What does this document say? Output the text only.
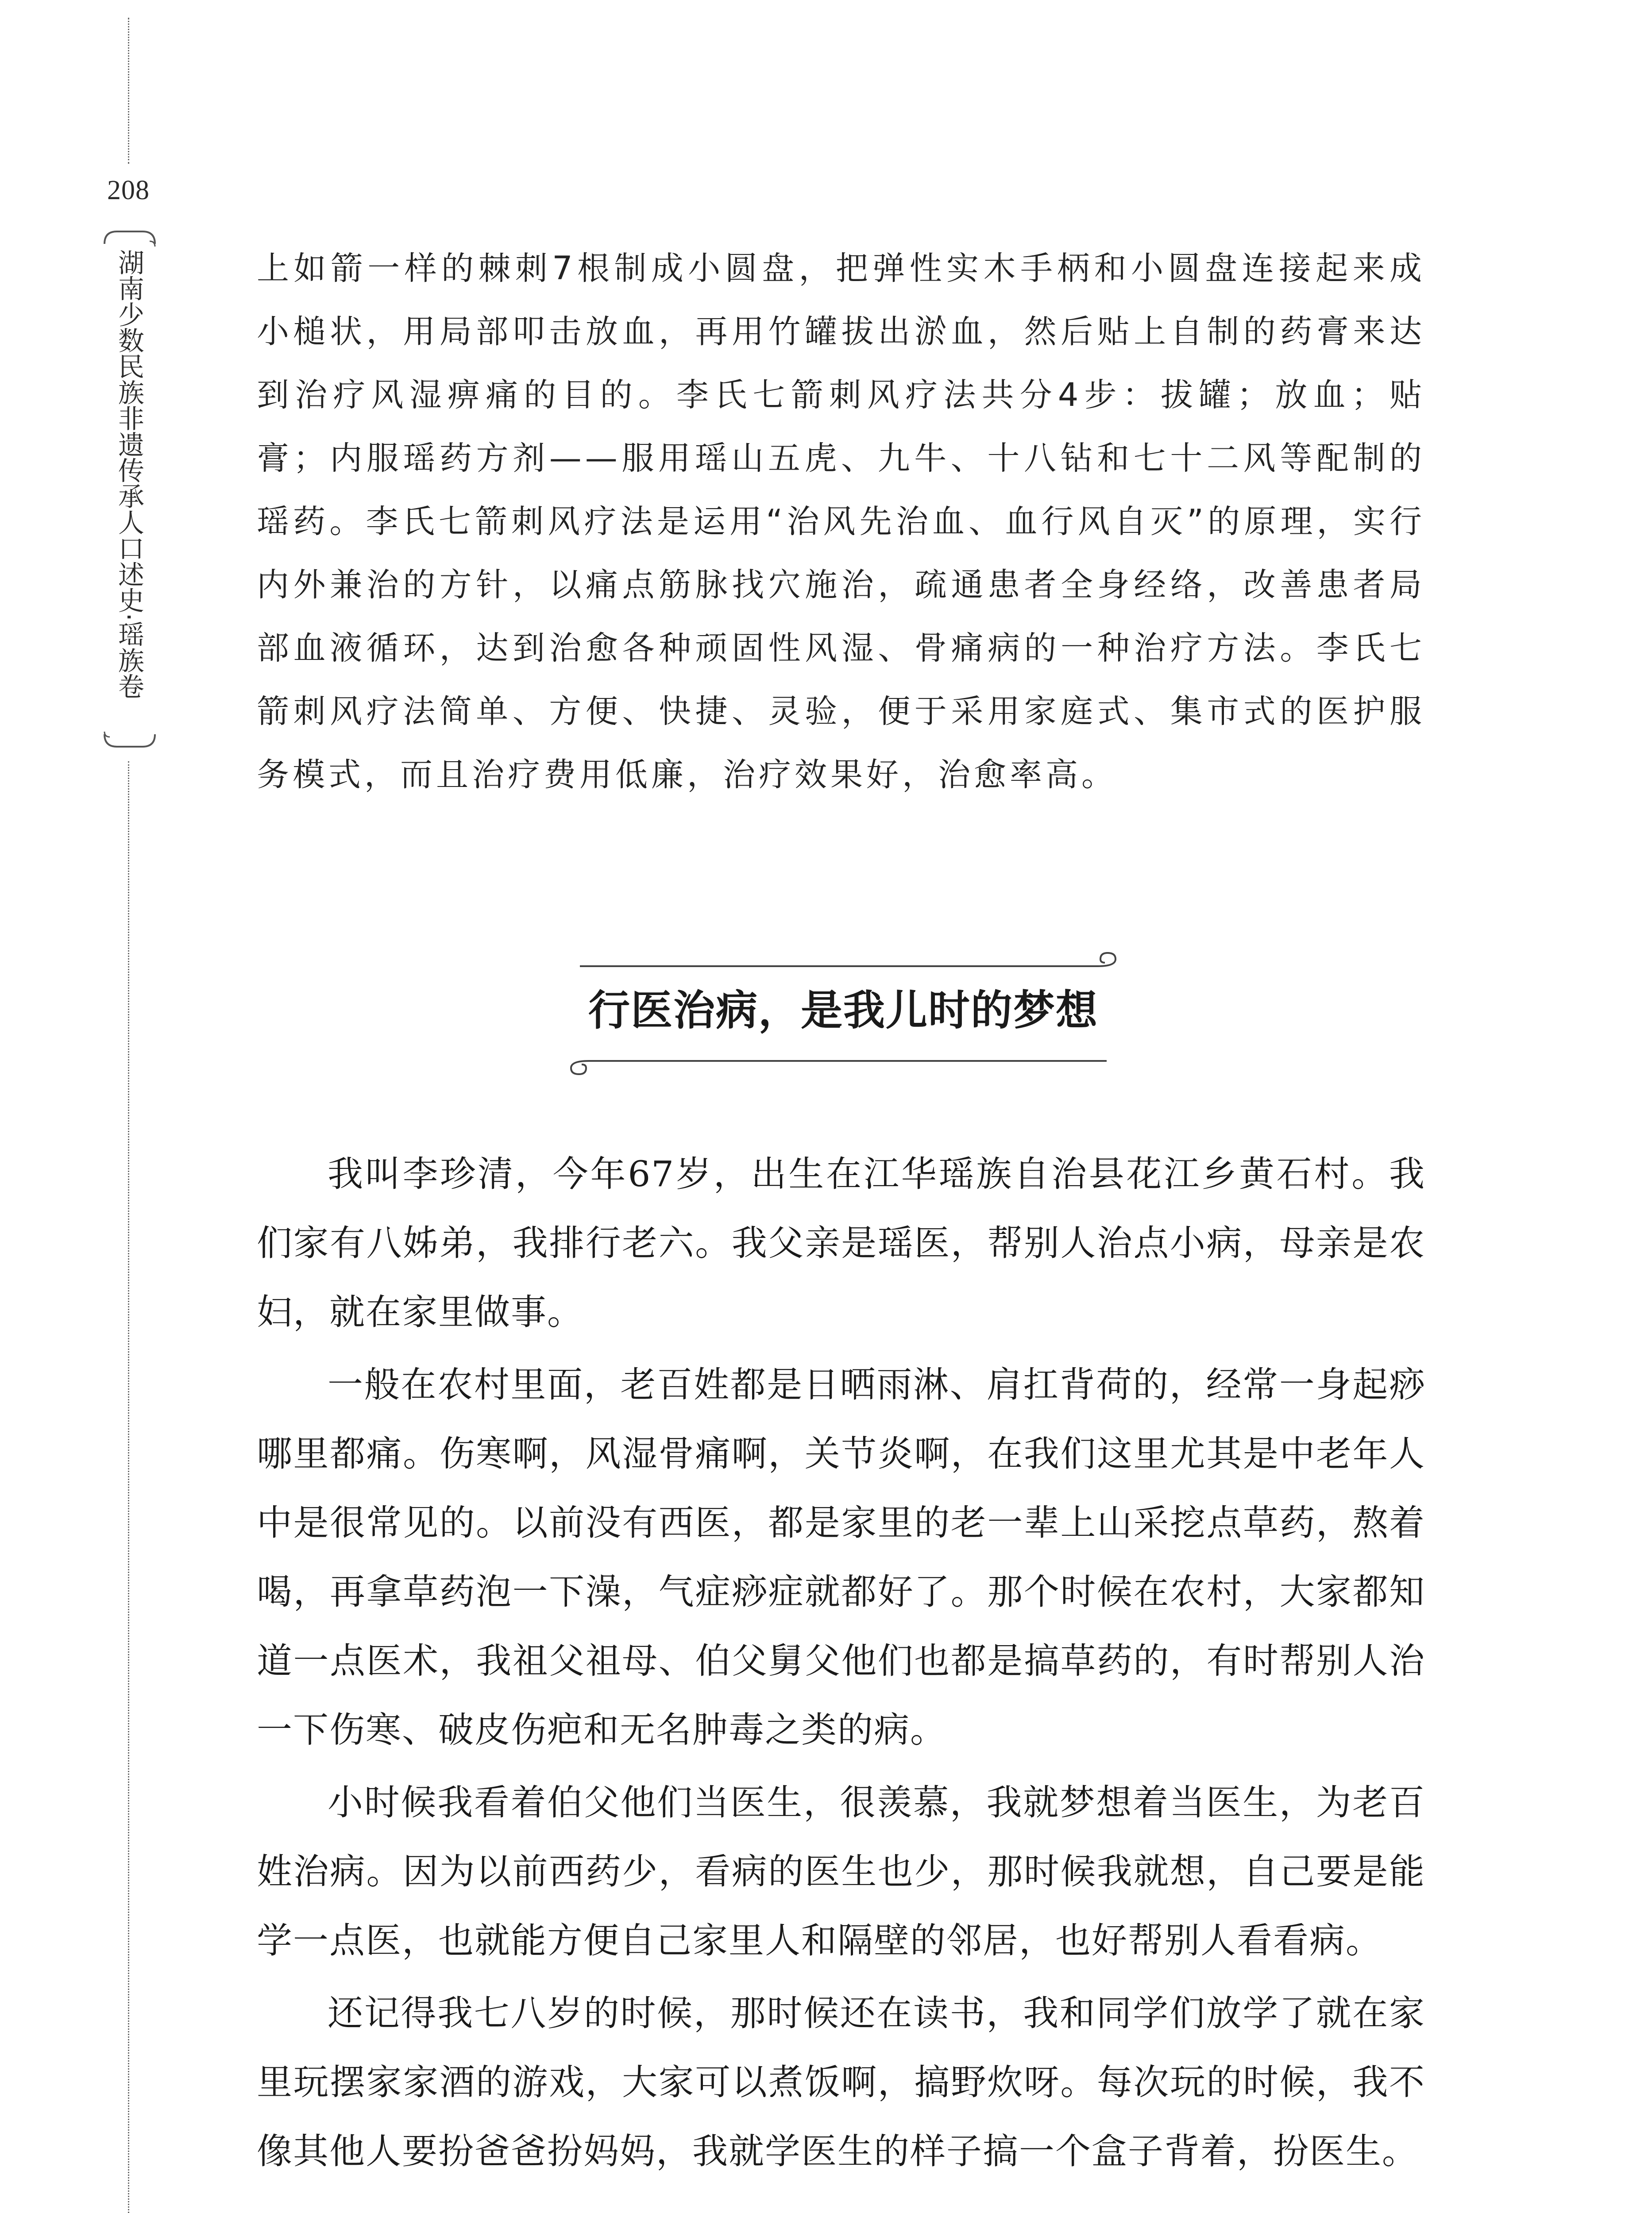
208
湖南少数民族非遗传承人口述史·瑶族卷	上如箭一样的棘刺7根制成小圆盘，把弹性实木手柄和小圆盘连接起来成小槌状，用局部叩击放血，再用竹罐拔出淤血，然后贴上自制的药膏来达到治疗风湿痹痛的目的。李氏七箭刺风疗法共分4步：拔罐；放血；贴膏；内服瑶药方剂——服用瑶山五虎、九牛、十八钻和七十二风等配制的瑶药。李氏七箭刺风疗法是运用“治风先治血、血行风自灭”的原理，实行内外兼治的方针，以痛点筋脉找穴施治，疏通患者全身经络，改善患者局部血液循环，达到治愈各种顽固性风湿、骨痛病的一种治疗方法。李氏七箭刺风疗法简单、方便、快捷、灵验，便于采用家庭式、集市式的医护服务模式，而且治疗费用低廉，治疗效果好，治愈率高。

行医治病，是我儿时的梦想

我叫李珍清，今年67岁，出生在江华瑶族自治县花江乡黄石村。我们家有八姊弟，我排行老六。我父亲是瑶医，帮别人治点小病，母亲是农妇，就在家里做事。

一般在农村里面，老百姓都是日晒雨淋、肩扛背荷的，经常一身起痧哪里都痛。伤寒啊，风湿骨痛啊，关节炎啊，在我们这里尤其是中老年人中是很常见的。以前没有西医，都是家里的老一辈上山采挖点草药，熬着喝，再拿草药泡一下澡，气症痧症就都好了。那个时候在农村，大家都知道一点医术，我祖父祖母、伯父舅父他们也都是搞草药的，有时帮别人治一下伤寒、破皮伤疤和无名肿毒之类的病。

小时候我看着伯父他们当医生，很羡慕，我就梦想着当医生，为老百姓治病。因为以前西药少，看病的医生也少，那时候我就想，自己要是能学一点医，也就能方便自己家里人和隔壁的邻居，也好帮别人看看病。

还记得我七八岁的时候，那时候还在读书，我和同学们放学了就在家里玩摆家家酒的游戏，大家可以煮饭啊，搞野炊呀。每次玩的时候，我不像其他人要扮爸爸扮妈妈，我就学医生的样子搞一个盒子背着，扮医生。
